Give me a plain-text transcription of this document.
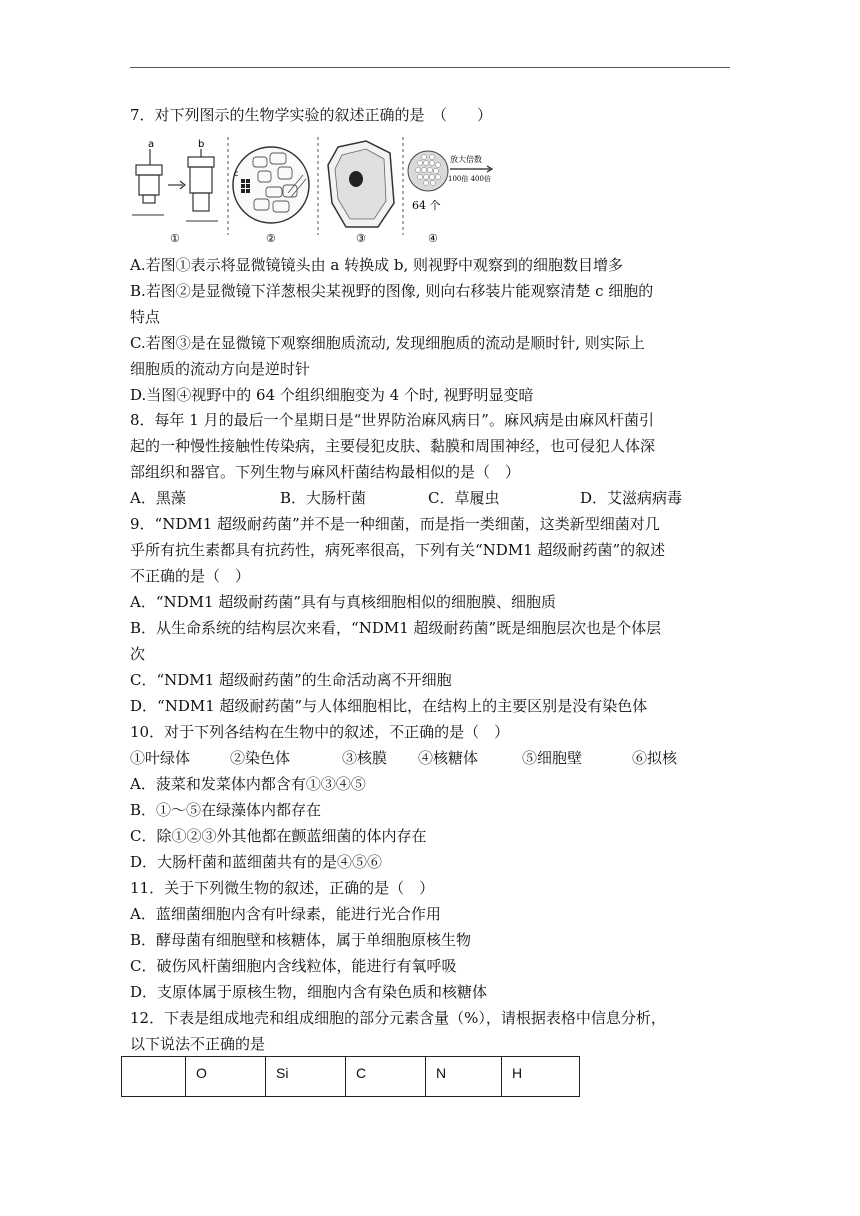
7．对下列图示的生物学实验的叙述正确的是　（　　）
a	b
①
c
②	③
放大倍数
100倍 400倍
64 个
④
A.若图①表示将显微镜镜头由 a 转换成 b, 则视野中观察到的细胞数目增多
B.若图②是显微镜下洋葱根尖某视野的图像, 则向右移装片能观察清楚 c 细胞的
特点
C.若图③是在显微镜下观察细胞质流动, 发现细胞质的流动是顺时针, 则实际上
细胞质的流动方向是逆时针
D.当图④视野中的 64 个组织细胞变为 4 个时, 视野明显变暗
8．每年 1 月的最后一个星期日是“世界防治麻风病日”。麻风病是由麻风杆菌引
起的一种慢性接触性传染病，主要侵犯皮肤、黏膜和周围神经，也可侵犯人体深
部组织和器官。下列生物与麻风杆菌结构最相似的是（　）
A．黑藻	B．大肠杆菌	C．草履虫	D．艾滋病病毒
9．“NDM1 超级耐药菌”并不是一种细菌，而是指一类细菌，这类新型细菌对几
乎所有抗生素都具有抗药性，病死率很高，下列有关“NDM1 超级耐药菌”的叙述
不正确的是（　）
A．“NDM1 超级耐药菌”具有与真核细胞相似的细胞膜、细胞质
B．从生命系统的结构层次来看，“NDM1 超级耐药菌”既是细胞层次也是个体层
次
C．“NDM1 超级耐药菌”的生命活动离不开细胞
D．“NDM1 超级耐药菌”与人体细胞相比，在结构上的主要区别是没有染色体
10．对于下列各结构在生物中的叙述，不正确的是（　）
①叶绿体	②染色体	③核膜 ④核糖体	⑤细胞壁	⑥拟核
A．菠菜和发菜体内都含有①③④⑤
B．①～⑤在绿藻体内都存在
C．除①②③外其他都在颤蓝细菌的体内存在
D．大肠杆菌和蓝细菌共有的是④⑤⑥
11．关于下列微生物的叙述，正确的是（　）
A．蓝细菌细胞内含有叶绿素，能进行光合作用
B．酵母菌有细胞壁和核糖体，属于单细胞原核生物
C．破伤风杆菌细胞内含线粒体，能进行有氧呼吸
D．支原体属于原核生物，细胞内含有染色质和核糖体
12．下表是组成地壳和组成细胞的部分元素含量（%），请根据表格中信息分析，
以下说法不正确的是
	O	Si	C	N	H
